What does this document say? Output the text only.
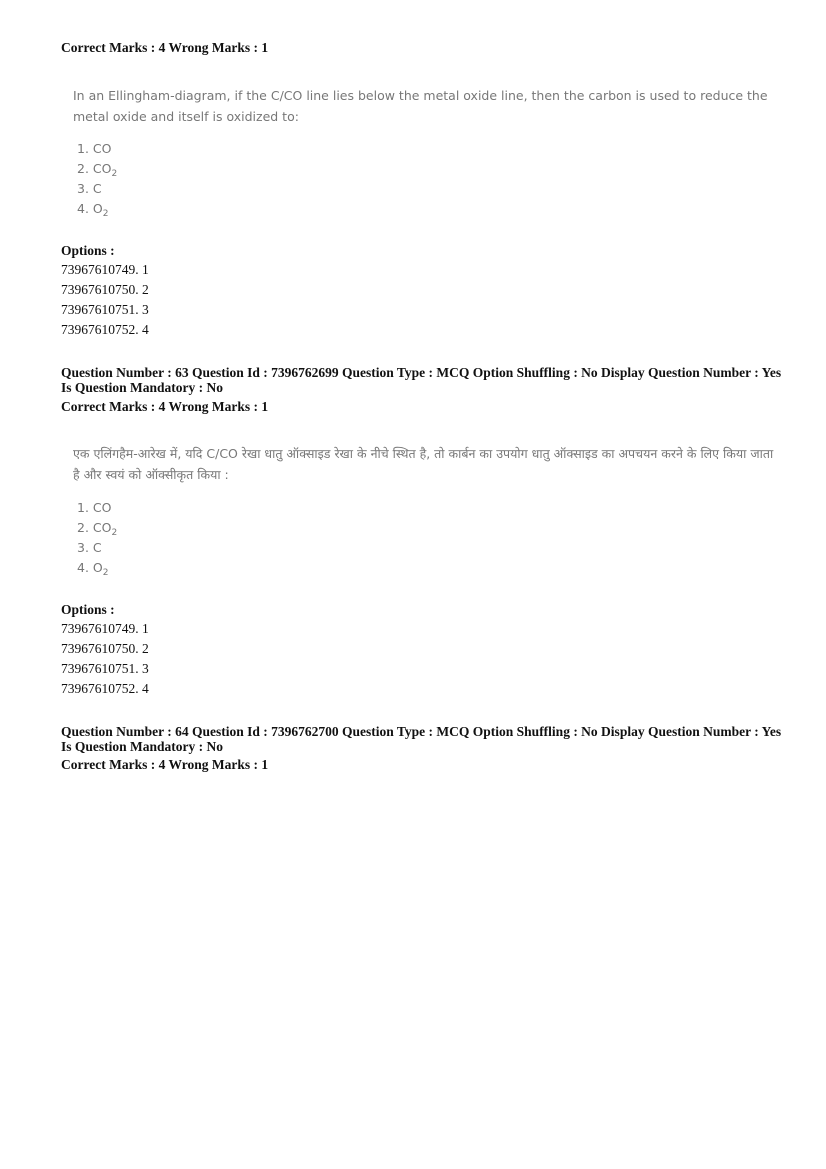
Correct Marks : 4 Wrong Marks : 1
In an Ellingham-diagram, if the C/CO line lies below the metal oxide line, then the carbon is used to reduce the metal oxide and itself is oxidized to:
1. CO
2. $CO_2$
3. C
4. $O_2$
Options :
73967610749. 1
73967610750. 2
73967610751. 3
73967610752. 4
Question Number : 63 Question Id : 7396762699 Question Type : MCQ Option Shuffling : No Display Question Number : Yes
Is Question Mandatory : No
Correct Marks : 4 Wrong Marks : 1
एक एलिंगहैम-आरेख में, यदि C/CO रेखा धातु ऑक्साइड रेखा के नीचे स्थित है, तो कार्बन का उपयोग धातु ऑक्साइड का अपचयन करने के लिए किया जाता है और स्वयं को ऑक्सीकृत किया :
1. CO
2. $CO_2$
3. C
4. $O_2$
Options :
73967610749. 1
73967610750. 2
73967610751. 3
73967610752. 4
Question Number : 64 Question Id : 7396762700 Question Type : MCQ Option Shuffling : No Display Question Number : Yes
Is Question Mandatory : No
Correct Marks : 4 Wrong Marks : 1
